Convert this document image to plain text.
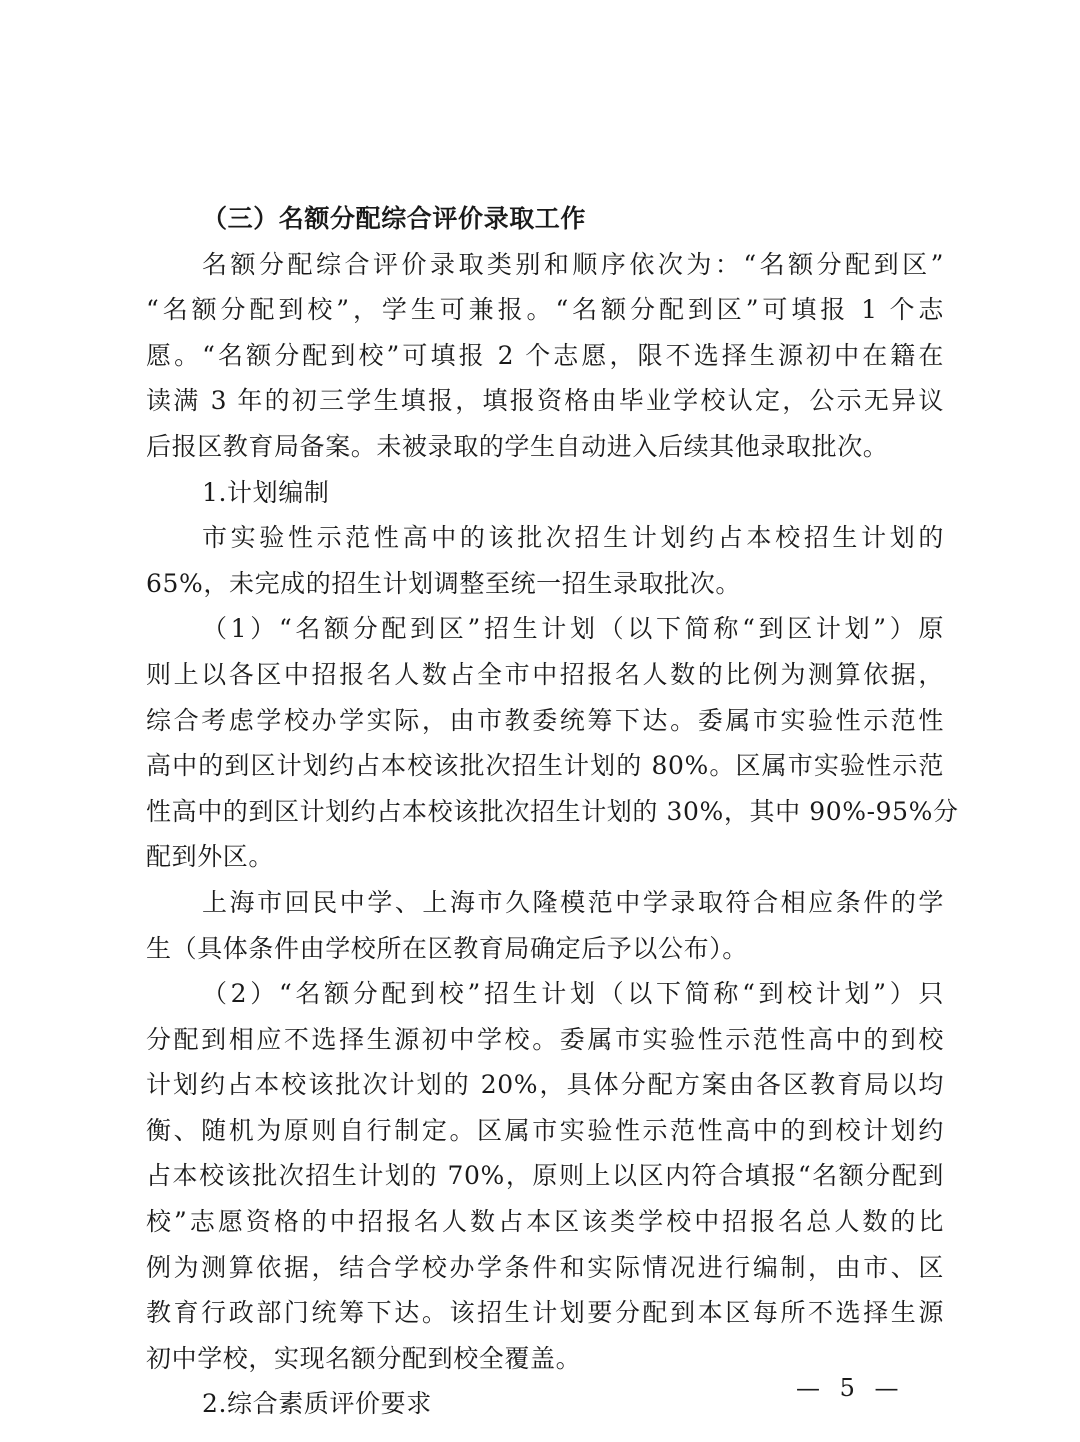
（三）名额分配综合评价录取工作
名额分配综合评价录取类别和顺序依次为：“名额分配到区”
“名额分配到校”，学生可兼报。“名额分配到区”可填报 1 个志
愿。“名额分配到校”可填报 2 个志愿，限不选择生源初中在籍在
读满 3 年的初三学生填报，填报资格由毕业学校认定，公示无异议
后报区教育局备案。未被录取的学生自动进入后续其他录取批次。
1.计划编制
市实验性示范性高中的该批次招生计划约占本校招生计划的
65%，未完成的招生计划调整至统一招生录取批次。
（1）“名额分配到区”招生计划（以下简称“到区计划”）原
则上以各区中招报名人数占全市中招报名人数的比例为测算依据，
综合考虑学校办学实际，由市教委统筹下达。委属市实验性示范性
高中的到区计划约占本校该批次招生计划的 80%。区属市实验性示范
性高中的到区计划约占本校该批次招生计划的 30%，其中 90%-95%分
配到外区。
上海市回民中学、上海市久隆模范中学录取符合相应条件的学
生（具体条件由学校所在区教育局确定后予以公布）。
（2）“名额分配到校”招生计划（以下简称“到校计划”）只
分配到相应不选择生源初中学校。委属市实验性示范性高中的到校
计划约占本校该批次计划的 20%，具体分配方案由各区教育局以均
衡、随机为原则自行制定。区属市实验性示范性高中的到校计划约
占本校该批次招生计划的 70%，原则上以区内符合填报“名额分配到
校”志愿资格的中招报名人数占本区该类学校中招报名总人数的比
例为测算依据，结合学校办学条件和实际情况进行编制，由市、区
教育行政部门统筹下达。该招生计划要分配到本区每所不选择生源
初中学校，实现名额分配到校全覆盖。
2.综合素质评价要求
— 5 —
